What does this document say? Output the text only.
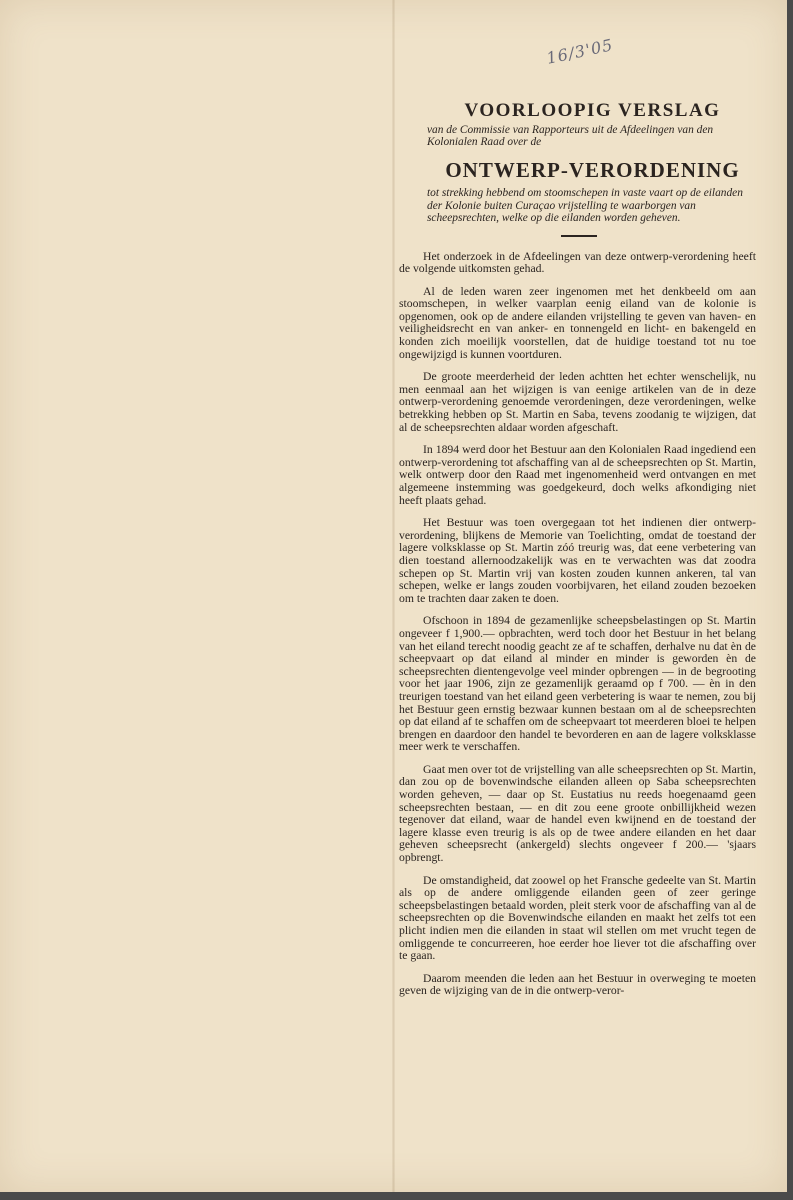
16/3'05
VOORLOOPIG VERSLAG
van de Commissie van Rapporteurs uit de Afdeelingen van den Kolonialen Raad over de
ONTWERP-VERORDENING
tot strekking hebbend om stoomschepen in vaste vaart op de eilanden der Kolonie buiten Curaçao vrijstelling te waarborgen van scheepsrechten, welke op die eilanden worden geheven.

Het onderzoek in de Afdeelingen van deze ontwerp-verordening heeft de volgende uitkomsten gehad.

Al de leden waren zeer ingenomen met het denkbeeld om aan stoomschepen, in welker vaarplan eenig eiland van de kolonie is opgenomen, ook op de andere eilanden vrijstelling te geven van haven- en veiligheidsrecht en van anker- en tonnengeld en licht- en bakengeld en konden zich moeilijk voorstellen, dat de huidige toestand tot nu toe ongewijzigd is kunnen voortduren.

De groote meerderheid der leden achtten het echter wenschelijk, nu men eenmaal aan het wijzigen is van eenige artikelen van de in deze ontwerp-verordening genoemde verordeningen, deze verordeningen, welke betrekking hebben op St. Martin en Saba, tevens zoodanig te wijzigen, dat al de scheepsrechten aldaar worden afgeschaft.

In 1894 werd door het Bestuur aan den Kolonialen Raad ingediend een ontwerp-verordening tot afschaffing van al de scheepsrechten op St. Martin, welk ontwerp door den Raad met ingenomenheid werd ontvangen en met algemeene instemming was goedgekeurd, doch welks afkondiging niet heeft plaats gehad.

Het Bestuur was toen overgegaan tot het indienen dier ontwerp-verordening, blijkens de Memorie van Toelichting, omdat de toestand der lagere volksklasse op St. Martin zóó treurig was, dat eene verbetering van dien toestand allernoodzakelijk was en te verwachten was dat zoodra schepen op St. Martin vrij van kosten zouden kunnen ankeren, tal van schepen, welke er langs zouden voorbijvaren, het eiland zouden bezoeken om te trachten daar zaken te doen.

Ofschoon in 1894 de gezamenlijke scheepsbelastingen op St. Martin ongeveer f 1,900.— opbrachten, werd toch door het Bestuur in het belang van het eiland terecht noodig geacht ze af te schaffen, derhalve nu dat èn de scheepvaart op dat eiland al minder en minder is geworden èn de scheepsrechten dientengevolge veel minder opbrengen — in de begrooting voor het jaar 1906, zijn ze gezamenlijk geraamd op f 700. — èn in den treurigen toestand van het eiland geen verbetering is waar te nemen, zou bij het Bestuur geen ernstig bezwaar kunnen bestaan om al de scheepsrechten op dat eiland af te schaffen om de scheepvaart tot meerderen bloei te helpen brengen en daardoor den handel te bevorderen en aan de lagere volksklasse meer werk te verschaffen.

Gaat men over tot de vrijstelling van alle scheepsrechten op St. Martin, dan zou op de bovenwindsche eilanden alleen op Saba scheepsrechten worden geheven, — daar op St. Eustatius nu reeds hoegenaamd geen scheepsrechten bestaan, — en dit zou eene groote onbillijkheid wezen tegenover dat eiland, waar de handel even kwijnend en de toestand der lagere klasse even treurig is als op de twee andere eilanden en het daar geheven scheepsrecht (ankergeld) slechts ongeveer f 200.— 'sjaars opbrengt.

De omstandigheid, dat zoowel op het Fransche gedeelte van St. Martin als op de andere omliggende eilanden geen of zeer geringe scheepsbelastingen betaald worden, pleit sterk voor de afschaffing van al de scheepsrechten op die Bovenwindsche eilanden en maakt het zelfs tot een plicht indien men die eilanden in staat wil stellen om met vrucht tegen de omliggende te concurreeren, hoe eerder hoe liever tot die afschaffing over te gaan.

Daarom meenden die leden aan het Bestuur in overweging te moeten geven de wijziging van de in die ontwerp-veror-
